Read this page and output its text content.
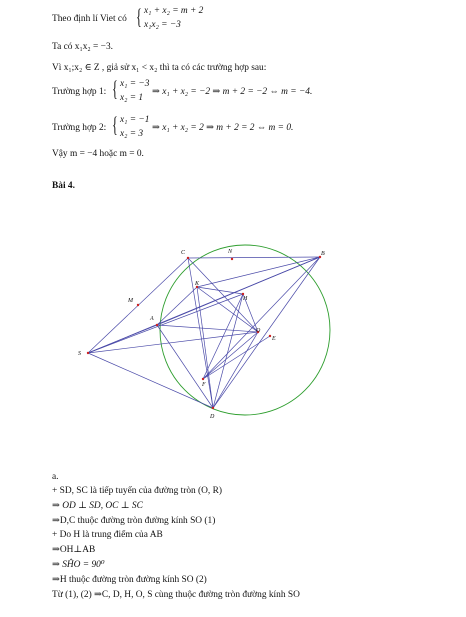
Theo định lí Viet có { x₁ + x₂ = m + 2
x₁x₂ = −3
Ta có x₁x₂ = −3.
Vì x₁;x₂ ∈ Z , giả sử x₁ < x₂ thì ta có các trường hợp sau:
Trường hợp 1: { x₁ = −3
x₂ = 1
⇒ x₁ + x₂ = −2 ⇒ m + 2 = −2 ⇔ m = −4.
Trường hợp 2: { x₁ = −1
x₂ = 3
⇒ x₁ + x₂ = 2 ⇒ m + 2 = 2 ⇔ m = 0.
Vậy m = −4 hoặc m = 0.
Bài 4.
C	N	B
M
K
H
A
O
E
S
F
D
a.
+ SD, SC là tiếp tuyến của đường tròn (O, R)
⇒ OD ⊥ SD, OC ⊥ SC
⇒D,C thuộc đường tròn đường kính SO (1)
+ Do H là trung điểm của AB
⇒OH⊥AB
⇒ SĤO = 90⁰
⇒H thuộc đường tròn đường kính SO (2)
Từ (1), (2) ⇒C, D, H, O, S cùng thuộc đường tròn đường kính SO
